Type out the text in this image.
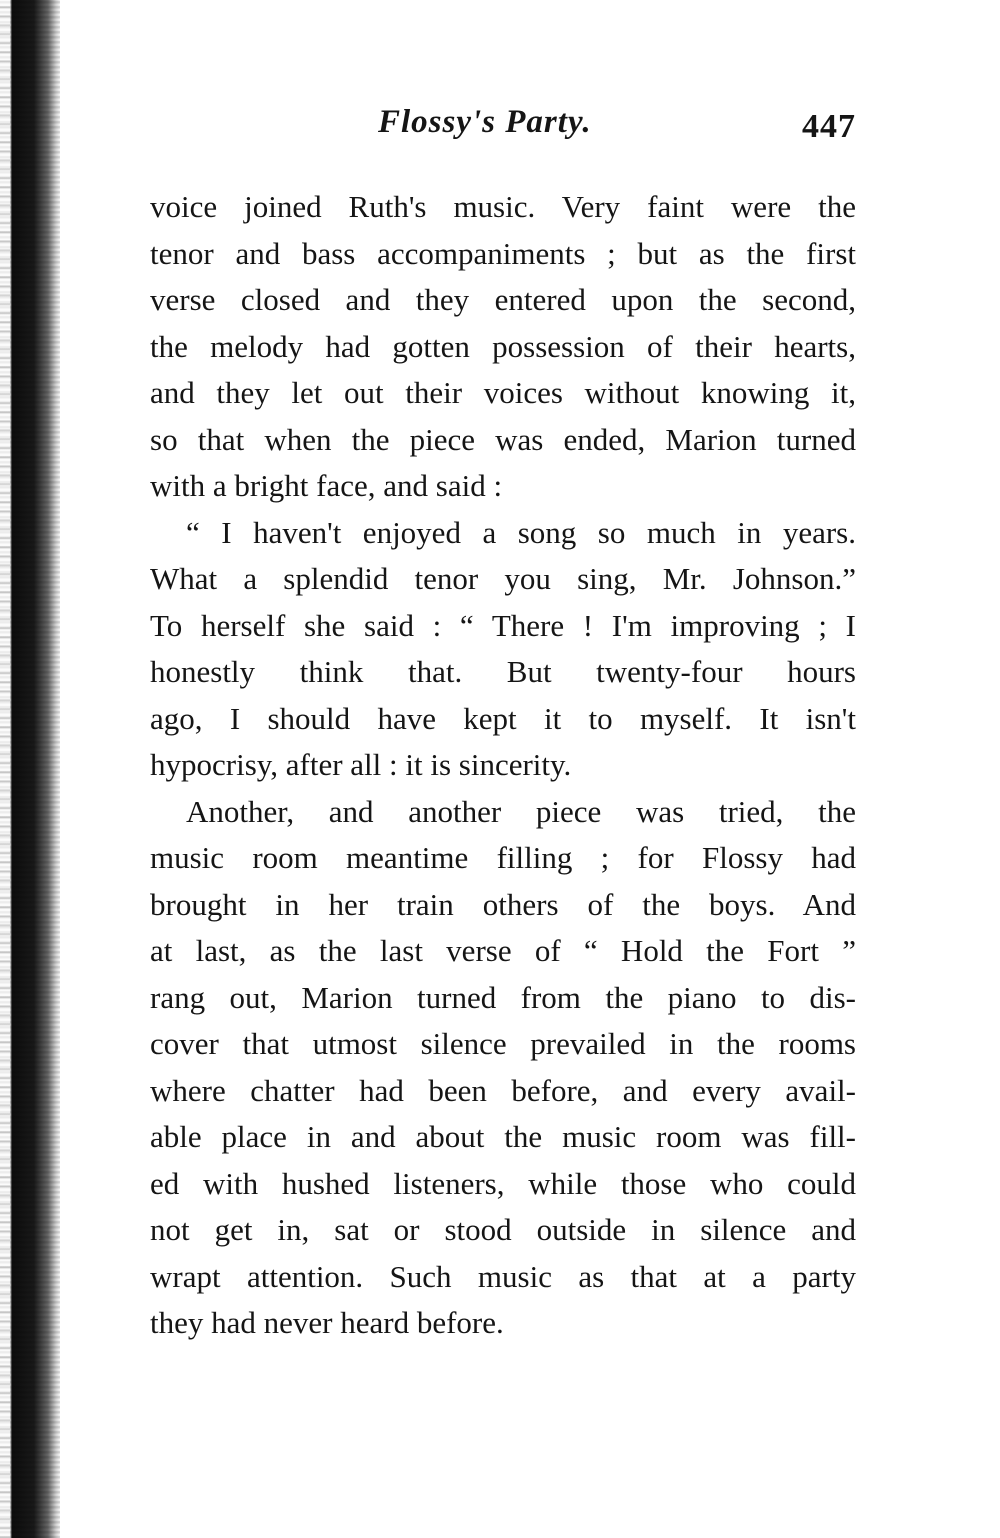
Flossy's Party.	447
voice joined Ruth's music. Very faint were the
tenor and bass accompaniments ; but as the first
verse closed and they entered upon the second,
the melody had gotten possession of their hearts,
and they let out their voices without knowing it,
so that when the piece was ended, Marion turned
with a bright face, and said :
“ I haven't enjoyed a song so much in years.
What a splendid tenor you sing, Mr. Johnson.”
To herself she said : “ There ! I'm improving ; I
honestly think that. But twenty-four hours
ago, I should have kept it to myself. It isn't
hypocrisy, after all : it is sincerity.
Another, and another piece was tried, the
music room meantime filling ; for Flossy had
brought in her train others of the boys. And
at last, as the last verse of “ Hold the Fort ”
rang out, Marion turned from the piano to dis-
cover that utmost silence prevailed in the rooms
where chatter had been before, and every avail-
able place in and about the music room was fill-
ed with hushed listeners, while those who could
not get in, sat or stood outside in silence and
wrapt attention. Such music as that at a party
they had never heard before.
